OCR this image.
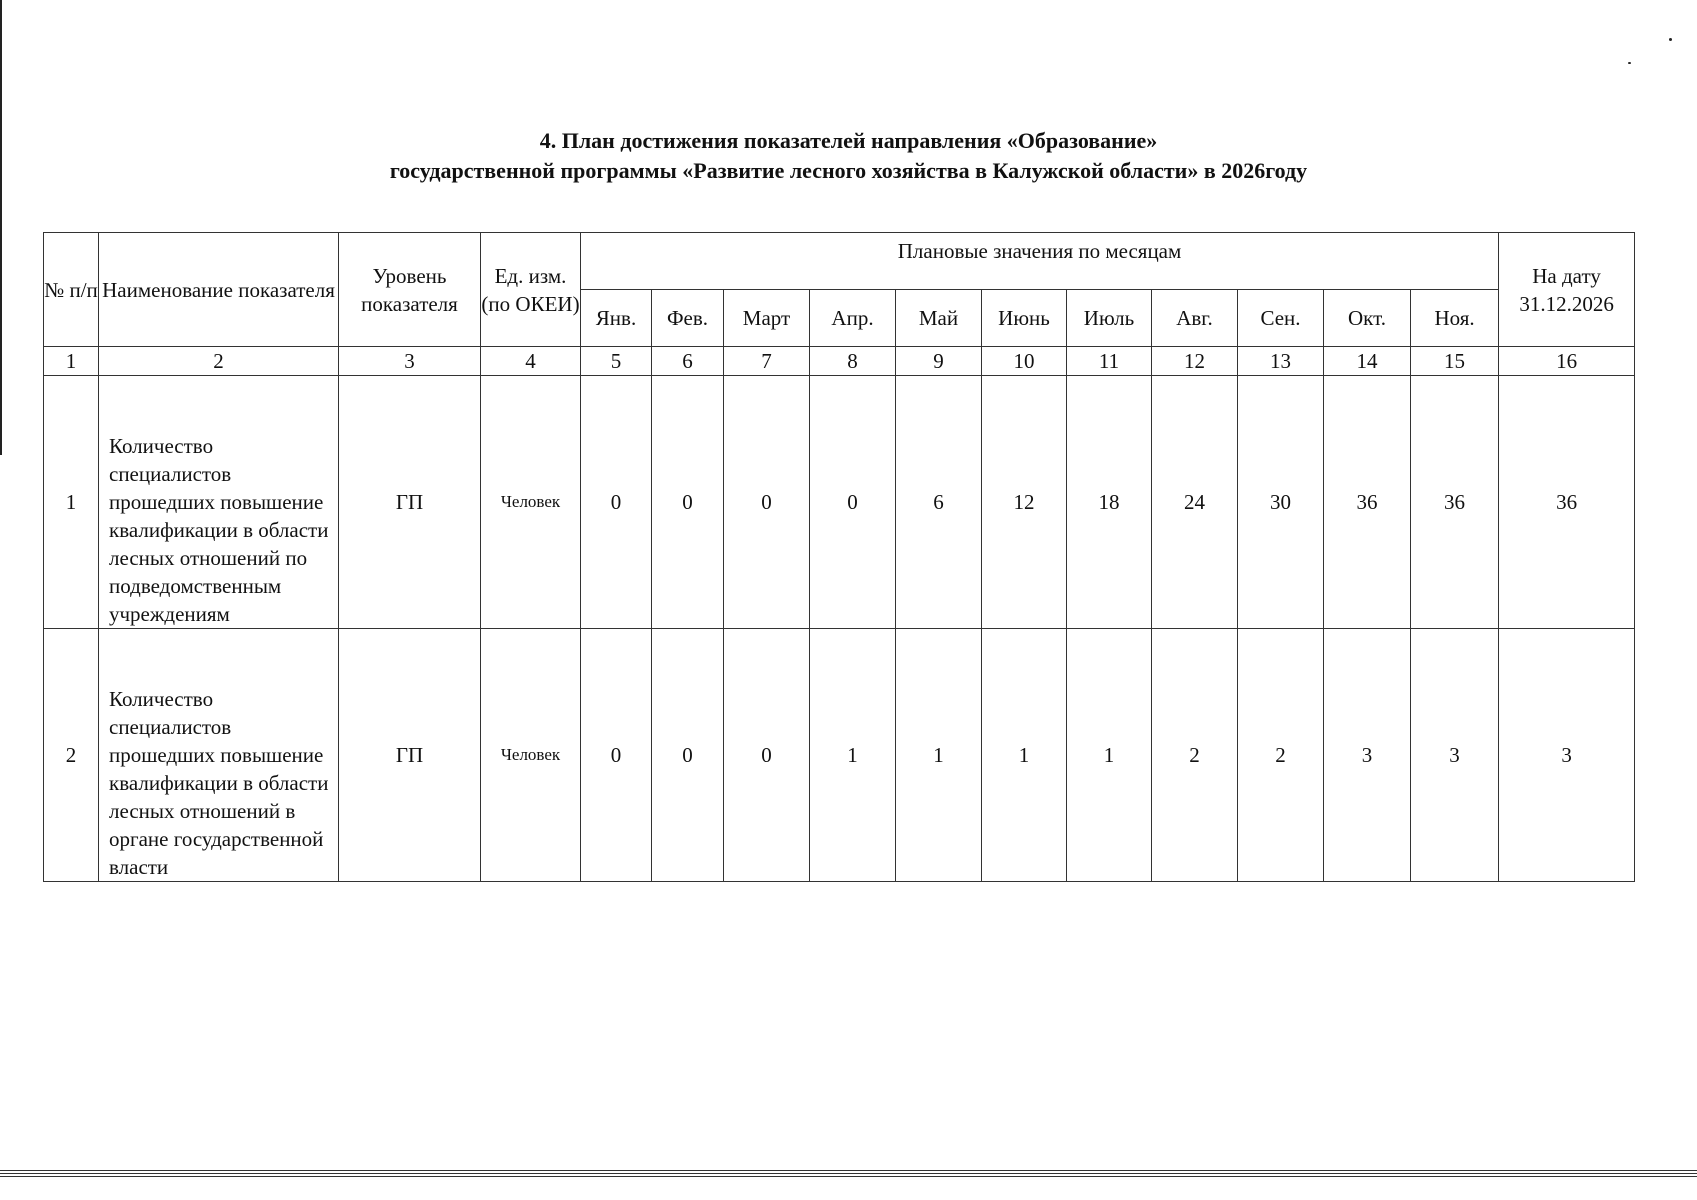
4. План достижения показателей направления «Образование»
государственной программы «Развитие лесного хозяйства в Калужской области» в 2026году
№ п/п	Наименование показателя	Уровень показателя	Ед. изм. (по ОКЕИ)	Плановые значения по месяцам											На дату 31.12.2026
				Янв.	Фев.	Март	Апр.	Май	Июнь	Июль	Авг.	Сен.	Окт.	Ноя.	
1	2	3	4	5	6	7	8	9	10	11	12	13	14	15	16
1	Количество специалистов прошедших повышение квалификации в области лесных отношений по подведомственным учреждениям	ГП	Человек	0	0	0	0	6	12	18	24	30	36	36	36
2	Количество специалистов прошедших повышение квалификации в области лесных отношений в органе государственной власти	ГП	Человек	0	0	0	1	1	1	1	2	2	3	3	3
